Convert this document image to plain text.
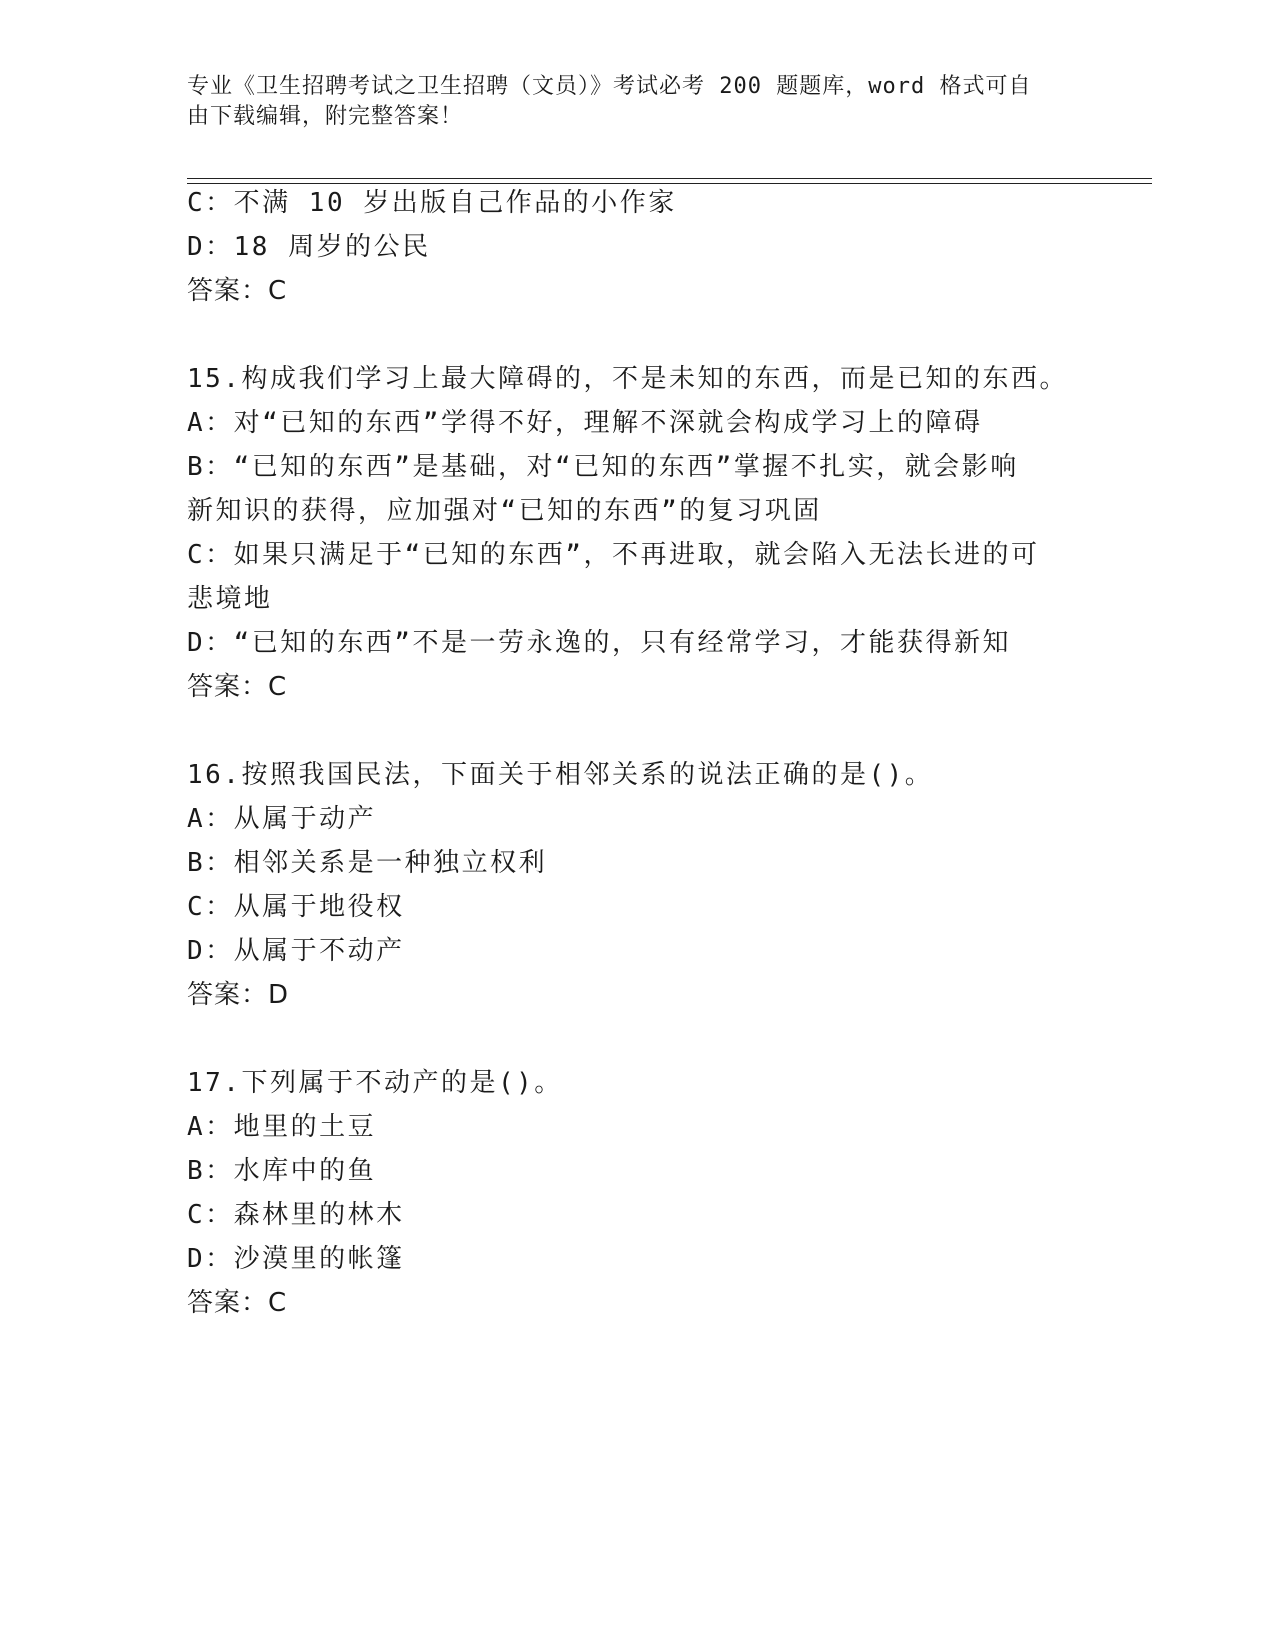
专业《卫生招聘考试之卫生招聘（文员）》考试必考 200 题题库，word 格式可自
由下载编辑，附完整答案！
C：不满 10 岁出版自己作品的小作家
D：18 周岁的公民
答案：C
15.构成我们学习上最大障碍的，不是未知的东西，而是已知的东西。
A：对“已知的东西”学得不好，理解不深就会构成学习上的障碍
B：“已知的东西”是基础，对“已知的东西”掌握不扎实，就会影响
新知识的获得，应加强对“已知的东西”的复习巩固
C：如果只满足于“已知的东西”，不再进取，就会陷入无法长进的可
悲境地
D：“已知的东西”不是一劳永逸的，只有经常学习，才能获得新知
答案：C
16.按照我国民法，下面关于相邻关系的说法正确的是()。
A：从属于动产
B：相邻关系是一种独立权利
C：从属于地役权
D：从属于不动产
答案：D
17.下列属于不动产的是()。
A：地里的土豆
B：水库中的鱼
C：森林里的林木
D：沙漠里的帐篷
答案：C
